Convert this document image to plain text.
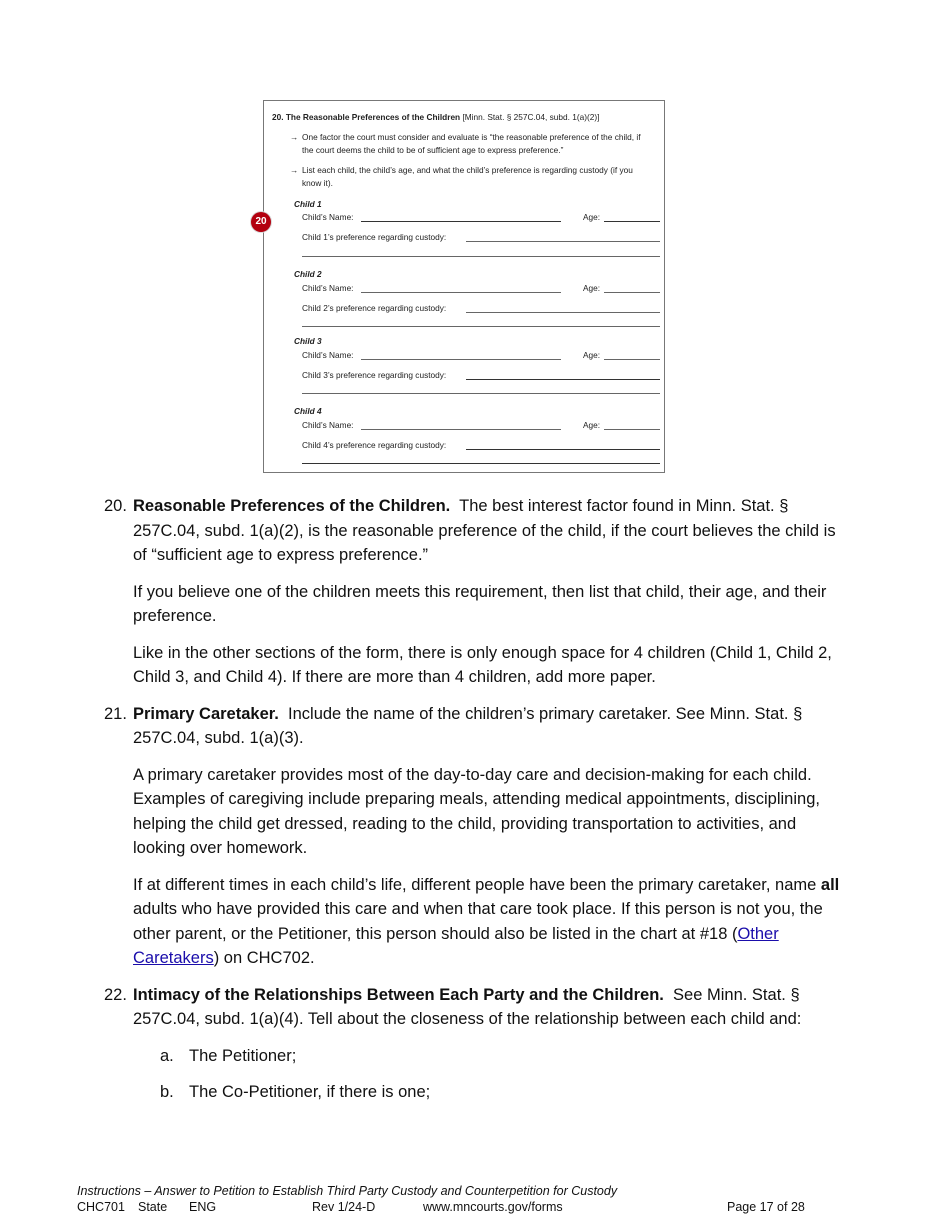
20. The Reasonable Preferences of the Children [Minn. Stat. § 257C.04, subd. 1(a)(2)]
→ One factor the court must consider and evaluate is “the reasonable preference of the child, if the court deems the child to be of sufficient age to express preference.”
→ List each child, the child’s age, and what the child’s preference is regarding custody (if you know it).
Child 1
Child’s Name:	Age:
Child 1’s preference regarding custody:
Child 2
Child’s Name:	Age:
Child 2’s preference regarding custody:
Child 3
Child’s Name:	Age:
Child 3’s preference regarding custody:
Child 4
Child’s Name:	Age:
Child 4’s preference regarding custody:
20
20. Reasonable Preferences of the Children. The best interest factor found in Minn. Stat. § 257C.04, subd. 1(a)(2), is the reasonable preference of the child, if the court believes the child is of “sufficient age to express preference.”

If you believe one of the children meets this requirement, then list that child, their age, and their preference.

Like in the other sections of the form, there is only enough space for 4 children (Child 1, Child 2, Child 3, and Child 4). If there are more than 4 children, add more paper.

21. Primary Caretaker. Include the name of the children’s primary caretaker. See Minn. Stat. § 257C.04, subd. 1(a)(3).

A primary caretaker provides most of the day-to-day care and decision-making for each child. Examples of caregiving include preparing meals, attending medical appointments, disciplining, helping the child get dressed, reading to the child, providing transportation to activities, and looking over homework.

If at different times in each child’s life, different people have been the primary caretaker, name all adults who have provided this care and when that care took place. If this person is not you, the other parent, or the Petitioner, this person should also be listed in the chart at #18 (Other Caretakers) on CHC702.

22. Intimacy of the Relationships Between Each Party and the Children. See Minn. Stat. § 257C.04, subd. 1(a)(4). Tell about the closeness of the relationship between each child and:

a. The Petitioner;
b. The Co-Petitioner, if there is one;
Instructions – Answer to Petition to Establish Third Party Custody and Counterpetition for Custody
CHC701 State ENG	Rev 1/24-D	www.mncourts.gov/forms	Page 17 of 28
